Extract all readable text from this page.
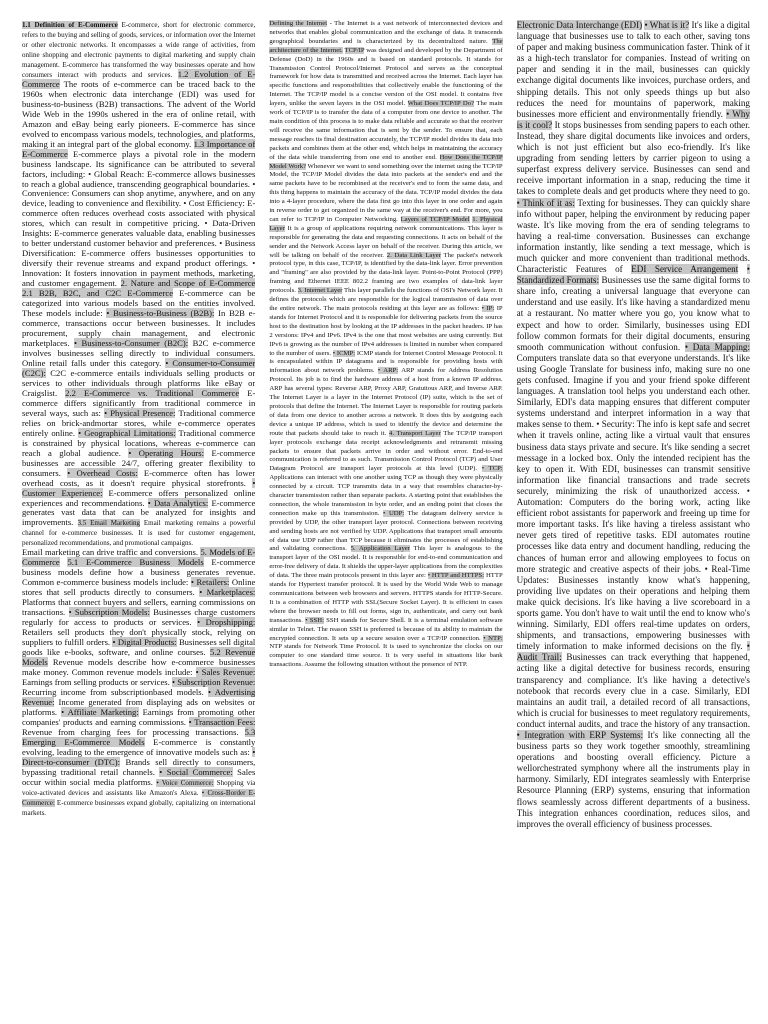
1.1 Definition of E-Commerce E-commerce, short for electronic commerce, refers to the buying and selling of goods, services, or information over the Internet or other electronic networks. It encompasses a wide range of activities, from online shopping and electronic payments to digital marketing and supply chain management. E-commerce has transformed the way businesses operate and how consumers interact with products and services. 1.2 Evolution of E-Commerce The roots of e-commerce can be traced back to the 1960s when electronic data interchange (EDI) was used for business-to-business (B2B) transactions. The advent of the World Wide Web in the 1990s ushered in the era of online retail, with Amazon and eBay being early pioneers. E-commerce has since evolved to encompass various models, technologies, and platforms, making it an integral part of the global economy. 1.3 Importance of E-Commerce E-commerce plays a pivotal role in the modern business landscape. Its significance can be attributed to several factors, including: • Global Reach: E-commerce allows businesses to reach a global audience, transcending geographical boundaries. • Convenience: Consumers can shop anytime, anywhere, and on any device, leading to convenience and flexibility. • Cost Efficiency: E-commerce often reduces overhead costs associated with physical stores, which can result in competitive pricing. • Data-Driven Insights: E-commerce generates valuable data, enabling businesses to better understand customer behavior and preferences. • Business Diversification: E-commerce offers businesses opportunities to diversify their revenue streams and expand product offerings. • Innovation: It fosters innovation in payment methods, marketing, and customer engagement. 2. Nature and Scope of E-Commerce 2.1 B2B, B2C, and C2C E-Commerce E-commerce can be categorized into various models based on the entities involved. These models include: • Business-to-Business (B2B): In B2B e-commerce, transactions occur between businesses. It includes procurement, supply chain management, and electronic marketplaces. • Business-to-Consumer (B2C): B2C e-commerce involves businesses selling directly to individual consumers. Online retail falls under this category. • Consumer-to-Consumer (C2C): C2C e-commerce entails individuals selling products or services to other individuals through platforms like eBay or Craigslist. 2.2 E-Commerce vs. Traditional Commerce E-commerce differs significantly from traditional commerce in several ways, such as: • Physical Presence: Traditional commerce relies on brick-andmortar stores, while e-commerce operates entirely online. • Geographical Limitations: Traditional commerce is constrained by physical locations, whereas e-commerce can reach a global audience. • Operating Hours: E-commerce businesses are accessible 24/7, offering greater flexibility to consumers. • Overhead Costs: E-commerce often has lower overhead costs, as it doesn't require physical storefronts. • Customer Experience: E-commerce offers personalized online experiences and recommendations. • Data Analytics: E-commerce generates vast data that can be analyzed for insights and improvements. 3.5 Email Marketing Email marketing remains a powerful channel for e-commerce businesses. It is used for customer engagement, personalized recommendations, and promotional campaigns.

Email marketing can drive traffic and conversions. 5. Models of E-Commerce 5.1 E-Commerce Business Models E-commerce business models define how a business generates revenue. Common e-commerce business models include: • Retailers: Online stores that sell products directly to consumers. • Marketplaces: Platforms that connect buyers and sellers, earning commissions on transactions. • Subscription Models: Businesses charge customers regularly for access to products or services. • Dropshipping: Retailers sell products they don't physically stock, relying on suppliers to fulfill orders. • Digital Products: Businesses sell digital goods like e-books, software, and online courses. 5.2 Revenue Models Revenue models describe how e-commerce businesses make money. Common revenue models include: • Sales Revenue: Earnings from selling products or services. • Subscription Revenue: Recurring income from subscriptionbased models. • Advertising Revenue: Income generated from displaying ads on websites or platforms. • Affiliate Marketing: Earnings from promoting other companies' products and earning commissions. • Transaction Fees: Revenue from charging fees for processing transactions. 5.3 Emerging E-Commerce Models E-commerce is constantly evolving, leading to the emergence of innovative models such as: • Direct-to-consumer (DTC): Brands sell directly to consumers, bypassing traditional retail channels. • Social Commerce: Sales occur within social media platforms. • Voice Commerce: Shopping via voice-activated devices and assistants like Amazon's Alexa. • Cross-Border E-Commerce: E-commerce businesses expand globally, capitalizing on international markets.

Defining the Internet - The Internet is a vast network of interconnected devices and networks that enables global communication and the exchange of data. It transcends geographical boundaries and is characterized by its decentralized nature. The architecture of the Internet. TCP/IP was designed and developed by the Department of Defense (DoD) in the 1960s and is based on standard protocols. It stands for Transmission Control Protocol/Internet Protocol and serves as the conceptual framework for how data is transmitted and received across the Internet. Each layer has specific functions and responsibilities that collectively enable the functioning of the Internet. The TCP/IP model is a concise version of the OSI model. It contains five layers, unlike the seven layers in the OSI model. What Does TCP/IP Do? The main work of TCP/IP is to transfer the data of a computer from one device to another. The main condition of this process is to make data reliable and accurate so that the receiver will receive the same information that is sent by the sender. To ensure that, each message reaches its final destination accurately, the TCP/IP model divides its data into packets and combines them at the other end, which helps in maintaining the accuracy of the data while transferring from one end to another end. How Does the TCP/IP Model Work? Whenever we want to send something over the internet using the TCP/IP Model, the TCP/IP Model divides the data into packets at the sender's end and the same packets have to be recombined at the receiver's end to form the same data, and this thing happens to maintain the accuracy of the data. TCP/IP model divides the data into a 4-layer procedure, where the data first go into this layer in one order and again in reverse order to get organized in the same way at the receiver's end. For more, you can refer to TCP/IP in Computer Networking. Layers of TCP/IP Model 1. Physical Layer It is a group of applications requiring network communications. This layer is responsible for generating the data and requesting connections. It acts on behalf of the sender and the Network Access layer on behalf of the receiver. During this article, we will be talking on behalf of the receiver. 2. Data Link Layer The packet's network protocol type, in this case, TCP/IP, is identified by the data-link layer. Error prevention and "framing" are also provided by the data-link layer. Point-to-Point Protocol (PPP) framing and Ethernet IEEE 802.2 framing are two examples of data-link layer protocols. 3. Internet Layer This layer parallels the functions of OSI's Network layer. It defines the protocols which are responsible for the logical transmission of data over the entire network. The main protocols residing at this layer are as follows: • IP: IP stands for Internet Protocol and it is responsible for delivering packets from the source host to the destination host by looking at the IP addresses in the packet headers. IP has 2 versions: IPv4 and IPv6. IPv4 is the one that most websites are using currently. But IPv6 is growing as the number of IPv4 addresses is limited in number when compared to the number of users. • ICMP: ICMP stands for Internet Control Message Protocol. It is encapsulated within IP datagrams and is responsible for providing hosts with information about network problems. • ARP: ARP stands for Address Resolution Protocol. Its job is to find the hardware address of a host from a known IP address. ARP has several types: Reverse ARP, Proxy ARP, Gratuitous ARP, and Inverse ARP. The Internet Layer is a layer in the Internet Protocol (IP) suite, which is the set of protocols that define the Internet. The Internet Layer is responsible for routing packets of data from one device to another across a network. It does this by assigning each device a unique IP address, which is used to identify the device and determine the route that packets should take to reach it. 4. Transport Layer The TCP/IP transport layer protocols exchange data receipt acknowledgments and retransmit missing packets to ensure that packets arrive in order and without error. End-to-end communication is referred to as such. Transmission Control Protocol (TCP) and User Datagram Protocol are transport layer protocols at this level (UDP). • TCP: Applications can interact with one another using TCP as though they were physically connected by a circuit. TCP transmits data in a way that resembles character-by-character transmission rather than separate packets. A starting point that establishes the connection, the whole transmission in byte order, and an ending point that closes the connection make up this transmission. • UDP: The datagram delivery service is provided by UDP, the other transport layer protocol. Connections between receiving and sending hosts are not verified by UDP. Applications that transport small amounts of data use UDP rather than TCP because it eliminates the processes of establishing and validating connections. 5. Application Layer This layer is analogous to the transport layer of the OSI model. It is responsible for end-to-end communication and error-free delivery of data. It shields the upper-layer applications from the complexities of data. The three main protocols present in this layer are: • HTTP and HTTPS: HTTP stands for Hypertext transfer protocol. It is used by the World Wide Web to manage communications between web browsers and servers. HTTPS stands for HTTP-Secure. It is a combination of HTTP with SSL(Secure Socket Layer). It is efficient in cases where the browser needs to fill out forms, sign in, authenticate, and carry out bank transactions. • SSH: SSH stands for Secure Shell. It is a terminal emulation software similar to Telnet. The reason SSH is preferred is because of its ability to maintain the encrypted connection. It sets up a secure session over a TCP/IP connection. • NTP: NTP stands for Network Time Protocol. It is used to synchronize the clocks on our computer to one standard time source. It is very useful in situations like bank transactions. Assume the following situation without the presence of NTP.

Electronic Data Interchange (EDI) • What is it? It's like a digital language that businesses use to talk to each other, saving tons of paper and making business communication faster. Think of it as a high-tech translator for companies. Instead of writing on paper and sending it in the mail, businesses can quickly exchange digital documents like invoices, purchase orders, and shipping details. This not only speeds things up but also reduces the need for mountains of paperwork, making businesses more efficient and environmentally friendly. • Why is it cool? It stops businesses from sending papers to each other. Instead, they share digital documents like invoices and orders, which is not just efficient but also eco-friendly. It's like upgrading from sending letters by carrier pigeon to using a superfast express delivery service. Businesses can send and receive important information in a snap, reducing the time it takes to complete deals and get products where they need to go. • Think of it as: Texting for businesses. They can quickly share info without paper, helping the environment by reducing paper waste. It's like moving from the era of sending telegrams to having a real-time conversation. Businesses can exchange information instantly, like sending a text message, which is much quicker and more convenient than traditional methods. Characteristic Features of EDI Service Arrangement • Standardized Formats: Businesses use the same digital forms to share info, creating a universal language that everyone can understand and use easily. It's like having a standardized menu at a restaurant. No matter where you go, you know what to expect and how to order. Similarly, businesses using EDI follow common formats for their digital documents, ensuring smooth communication without confusion. • Data Mapping: Computers translate data so that everyone understands. It's like using Google Translate for business info, making sure no one gets confused. Imagine if you and your friend spoke different languages. A translation tool helps you understand each other. Similarly, EDI's data mapping ensures that different computer systems understand and interpret information in a way that makes sense to them. • Security: The info is kept safe and secret when it travels online, acting like a virtual vault that ensures business data stays private and secure. It's like sending a secret message in a locked box. Only the intended recipient has the key to open it. With EDI, businesses can transmit sensitive information like financial transactions and trade secrets securely, minimizing the risk of unauthorized access. • Automation: Computers do the boring work, acting like efficient robot assistants for paperwork and freeing up time for more important tasks. It's like having a tireless assistant who never gets tired of repetitive tasks. EDI automates routine processes like data entry and document handling, reducing the chances of human error and allowing employees to focus on more strategic and creative aspects of their jobs. • Real-Time Updates: Businesses instantly know what's happening, providing live updates on their operations and helping them make quick decisions. It's like having a live scoreboard in a sports game. You don't have to wait until the end to know who's winning. Similarly, EDI offers real-time updates on orders, shipments, and transactions, empowering businesses with timely information to make informed decisions on the fly. • Audit Trail: Businesses can track everything that happened, acting like a digital detective for business records, ensuring transparency and compliance. It's like having a detective's notebook that records every clue in a case. Similarly, EDI maintains an audit trail, a detailed record of all transactions, which is crucial for businesses to meet regulatory requirements, conduct internal audits, and trace the history of any transaction. • Integration with ERP Systems: It's like connecting all the business parts so they work together smoothly, streamlining operations and boosting overall efficiency. Picture a wellorchestrated symphony where all the instruments play in harmony. Similarly, EDI integrates seamlessly with Enterprise Resource Planning (ERP) systems, ensuring that information flows seamlessly across different departments of a business. This integration enhances coordination, reduces silos, and improves the overall efficiency of business processes.
